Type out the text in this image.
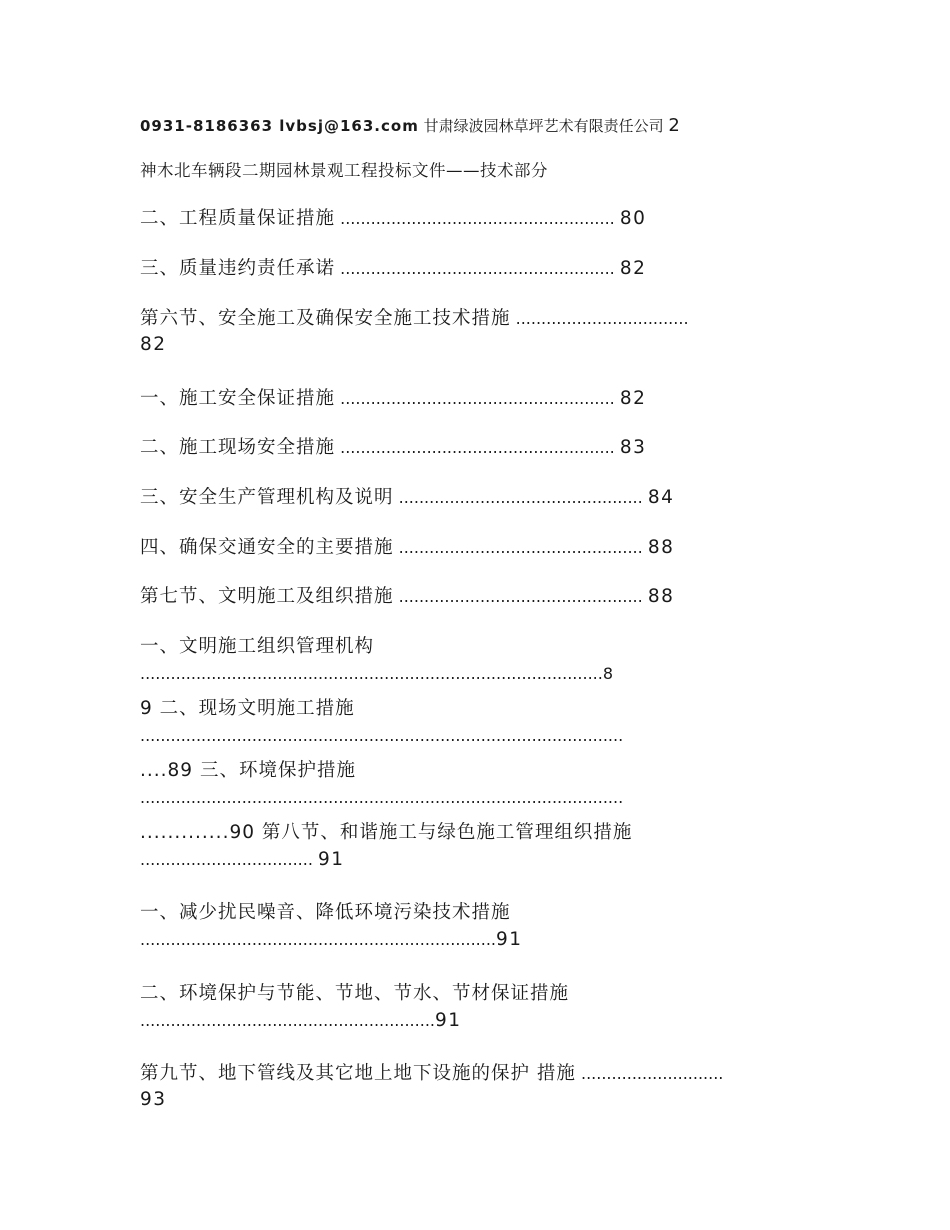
0931-8186363 lvbsj@163.com 甘肃绿波园林草坪艺术有限责任公司 2
神木北车辆段二期园林景观工程投标文件——技术部分
二、工程质量保证措施 ...................................................... 80
三、质量违约责任承诺 ...................................................... 82
第六节、安全施工及确保安全施工技术措施 ..................................
82
一、施工安全保证措施 ...................................................... 82
二、施工现场安全措施 ...................................................... 83
三、安全生产管理机构及说明 ................................................ 84
四、确保交通安全的主要措施 ................................................ 88
第七节、文明施工及组织措施 ................................................ 88
一、文明施工组织管理机构
...........................................................................................8
9 二、现场文明施工措施
...............................................................................................
....89 三、环境保护措施
...............................................................................................
.............90 第八节、和谐施工与绿色施工管理组织措施
.................................. 91
一、减少扰民噪音、降低环境污染技术措施
......................................................................91
二、环境保护与节能、节地、节水、节材保证措施
..........................................................91
第九节、地下管线及其它地上地下设施的保护 措施 ............................
93
